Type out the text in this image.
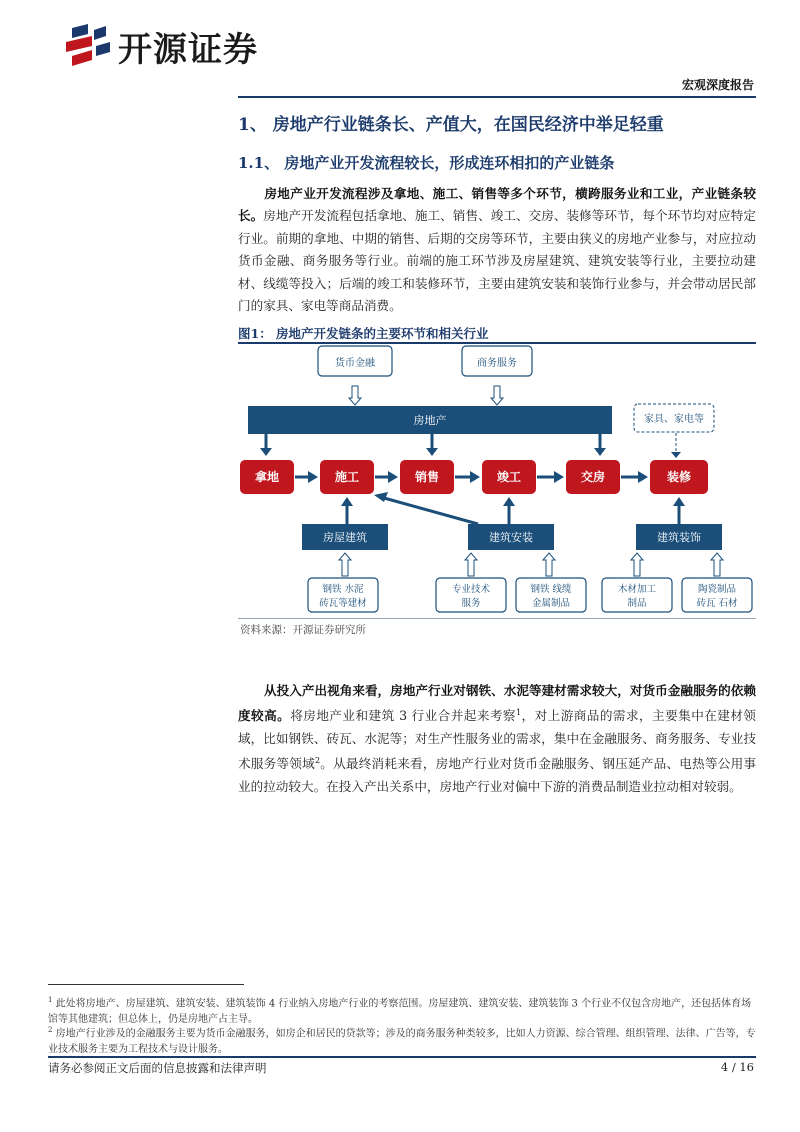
开源证券
宏观深度报告
1、 房地产行业链条长、产值大，在国民经济中举足轻重
1.1、 房地产业开发流程较长，形成连环相扣的产业链条
房地产业开发流程涉及拿地、施工、销售等多个环节，横跨服务业和工业，产业链条较长。房地产开发流程包括拿地、施工、销售、竣工、交房、装修等环节，每个环节均对应特定行业。前期的拿地、中期的销售、后期的交房等环节，主要由狭义的房地产业参与，对应拉动货币金融、商务服务等行业。前端的施工环节涉及房屋建筑、建筑安装等行业，主要拉动建材、线缆等投入；后端的竣工和装修环节，主要由建筑安装和装饰行业参与，并会带动居民部门的家具、家电等商品消费。
图1： 房地产开发链条的主要环节和相关行业
货币金融	商务服务
房地产	家具、家电等
拿地	施工	销售	竣工	交房	装修
房屋建筑	建筑安装	建筑装饰
钢铁 水泥
砖瓦等建材
专业技术
服务
钢铁 线缆
金属制品
木材加工
制品
陶瓷制品
砖瓦 石材
资料来源：开源证券研究所
从投入产出视角来看，房地产行业对钢铁、水泥等建材需求较大，对货币金融服务的依赖度较高。将房地产业和建筑 3 行业合并起来考察$^1$，对上游商品的需求，主要集中在建材领域，比如钢铁、砖瓦、水泥等；对生产性服务业的需求，集中在金融服务、商务服务、专业技术服务等领域$^2$。从最终消耗来看，房地产行业对货币金融服务、钢压延产品、电热等公用事业的拉动较大。在投入产出关系中，房地产行业对偏中下游的消费品制造业拉动相对较弱。
$^1$ 此处将房地产、房屋建筑、建筑安装、建筑装饰 4 行业纳入房地产行业的考察范围。房屋建筑、建筑安装、建筑装饰 3 个行业不仅包含房地产，还包括体育场馆等其他建筑；但总体上，仍是房地产占主导。
$^2$ 房地产行业涉及的金融服务主要为货币金融服务，如房企和居民的贷款等；涉及的商务服务种类较多，比如人力资源、综合管理、组织管理、法律、广告等，专业技术服务主要为工程技术与设计服务。
请务必参阅正文后面的信息披露和法律声明	4 / 16
